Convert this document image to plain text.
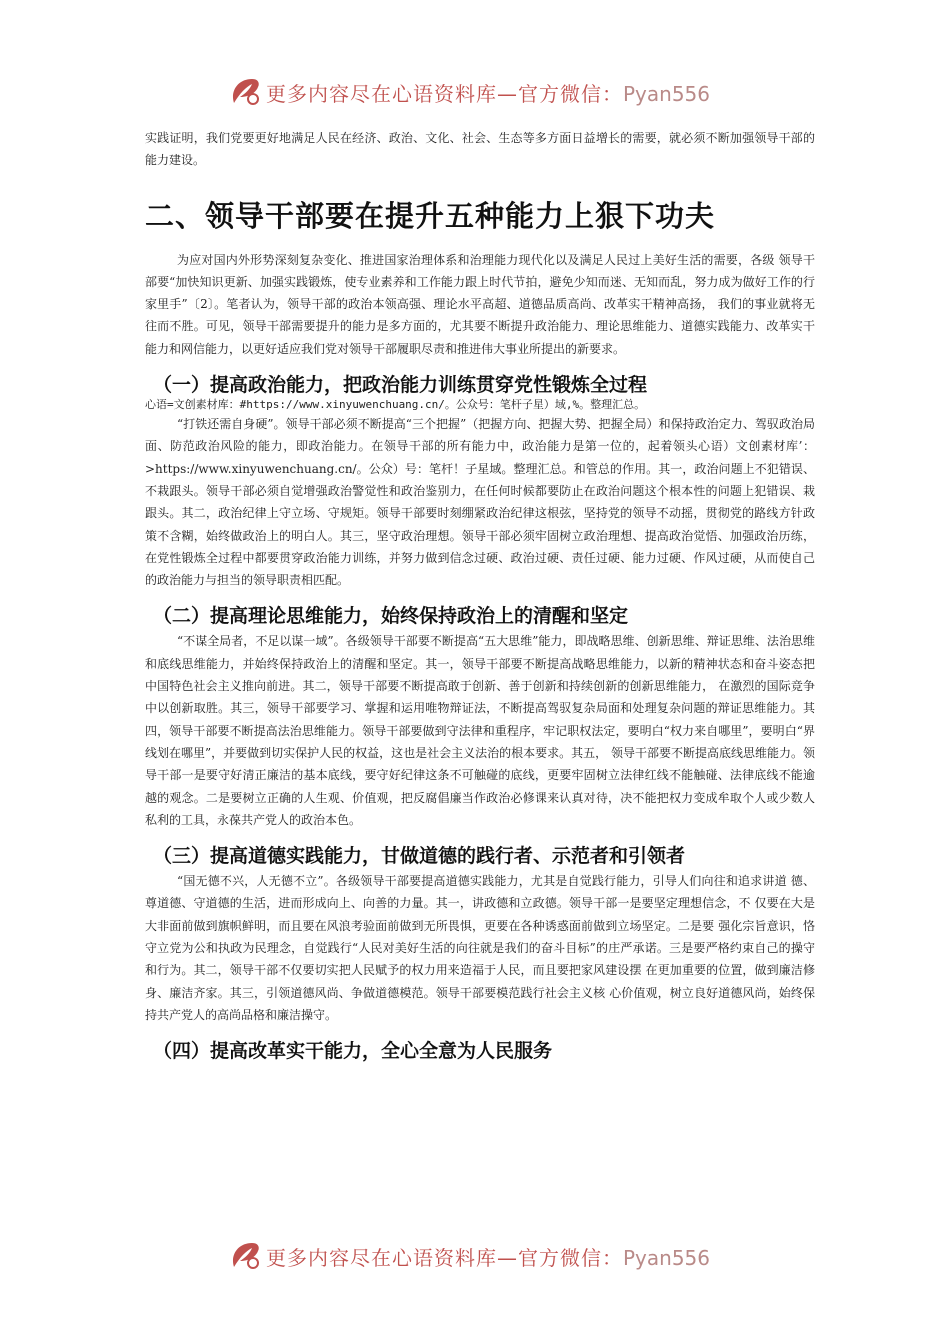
更多内容尽在心语资料库—官方微信：Pyan556

实践证明，我们党要更好地满足人民在经济、政治、文化、社会、生态等多方面日益增长的需要，就必须不断加强领导干部的能力建设。

二、领导干部要在提升五种能力上狠下功夫

为应对国内外形势深刻复杂变化、推进国家治理体系和治理能力现代化以及满足人民过上美好生活的需要，各级 领导干部要“加快知识更新、加强实践锻炼，使专业素养和工作能力跟上时代节拍，避免少知而迷、无知而乱，努力成为做好工作的行家里手”〔2〕。笔者认为，领导干部的政治本领高强、理论水平高超、道德品质高尚、改革实干精神高扬， 我们的事业就将无往而不胜。可见，领导干部需要提升的能力是多方面的，尤其要不断提升政治能力、理论思维能力、道德实践能力、改革实干能力和网信能力，以更好适应我们党对领导干部履职尽责和推进伟大事业所提出的新要求。

（一）提高政治能力，把政治能力训练贯穿党性锻炼全过程

心语=文创素材库：#https://www.xinyuwenchuang.cn/。公众号：笔杆子星）域,%。整理汇总。

“打铁还需自身硬”。领导干部必须不断提高“三个把握”（把握方向、把握大势、把握全局）和保持政治定力、驾驭政治局面、防范政治风险的能力，即政治能力。在领导干部的所有能力中，政治能力是第一位的，起着领头心语）文创素材库’：>https://www.xinyuwenchuang.cn/。公众）号：笔杆！子星域。整理汇总。和管总的作用。其一，政治问题上不犯错误、不栽跟头。领导干部必须自觉增强政治警觉性和政治鉴别力，在任何时候都要防止在政治问题这个根本性的问题上犯错误、栽跟头。其二，政治纪律上守立场、守规矩。领导干部要时刻绷紧政治纪律这根弦，坚持党的领导不动摇，贯彻党的路线方针政策不含糊，始终做政治上的明白人。其三，坚守政治理想。领导干部必须牢固树立政治理想、提高政治觉悟、加强政治历练，在党性锻炼全过程中都要贯穿政治能力训练，并努力做到信念过硬、政治过硬、责任过硬、能力过硬、作风过硬，从而使自己的政治能力与担当的领导职责相匹配。

（二）提高理论思维能力，始终保持政治上的清醒和坚定

“不谋全局者，不足以谋一域”。各级领导干部要不断提高“五大思维”能力，即战略思维、创新思维、辩证思维、法治思维和底线思维能力，并始终保持政治上的清醒和坚定。其一，领导干部要不断提高战略思维能力，以新的精神状态和奋斗姿态把中国特色社会主义推向前进。其二，领导干部要不断提高敢于创新、善于创新和持续创新的创新思维能力， 在激烈的国际竞争中以创新取胜。其三，领导干部要学习、掌握和运用唯物辩证法，不断提高驾驭复杂局面和处理复杂问题的辩证思维能力。其四，领导干部要不断提高法治思维能力。领导干部要做到守法律和重程序，牢记职权法定，要明白“权力来自哪里”，要明白“界线划在哪里”，并要做到切实保护人民的权益，这也是社会主义法治的根本要求。其五， 领导干部要不断提高底线思维能力。领导干部一是要守好清正廉洁的基本底线，要守好纪律这条不可触碰的底线，更要牢固树立法律红线不能触碰、法律底线不能逾越的观念。二是要树立正确的人生观、价值观，把反腐倡廉当作政治必修课来认真对待，决不能把权力变成牟取个人或少数人私利的工具，永葆共产党人的政治本色。

（三）提高道德实践能力，甘做道德的践行者、示范者和引领者

“国无德不兴，人无德不立”。各级领导干部要提高道德实践能力，尤其是自觉践行能力，引导人们向往和追求讲道 德、尊道德、守道德的生活，进而形成向上、向善的力量。其一，讲政德和立政德。领导干部一是要坚定理想信念，不 仅要在大是大非面前做到旗帜鲜明，而且要在风浪考验面前做到无所畏惧，更要在各种诱惑面前做到立场坚定。二是要 强化宗旨意识，恪守立党为公和执政为民理念，自觉践行“人民对美好生活的向往就是我们的奋斗目标”的庄严承诺。三是要严格约束自己的操守和行为。其二，领导干部不仅要切实把人民赋予的权力用来造福于人民，而且要把家风建设摆 在更加重要的位置，做到廉洁修身、廉洁齐家。其三，引领道德风尚、争做道德模范。领导干部要模范践行社会主义核 心价值观，树立良好道德风尚，始终保持共产党人的高尚品格和廉洁操守。

（四）提高改革实干能力，全心全意为人民服务
更多内容尽在心语资料库—官方微信：Pyan556
